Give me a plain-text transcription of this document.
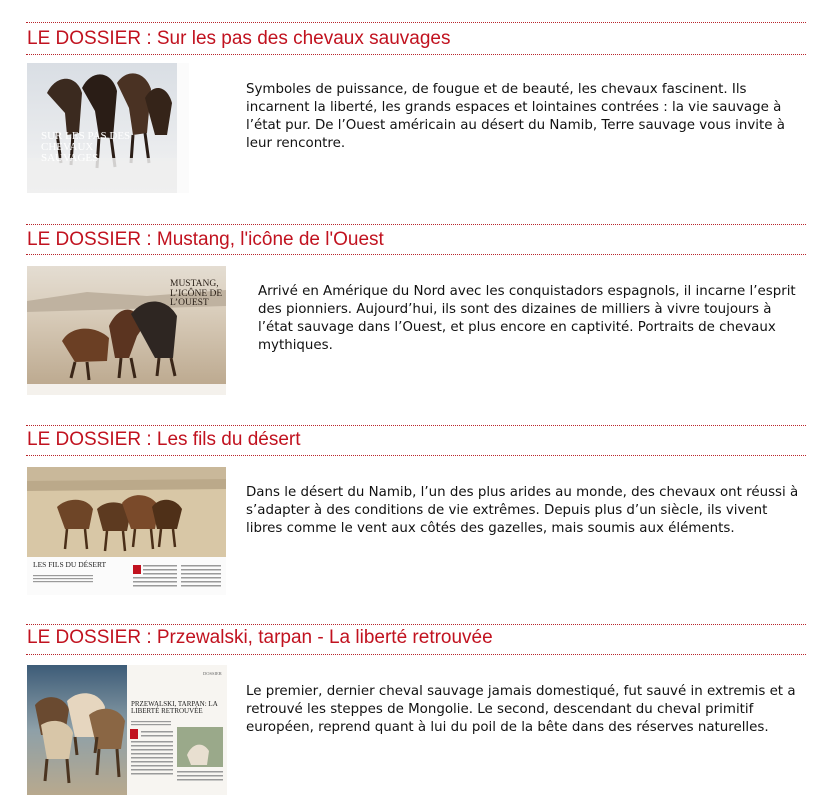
LE DOSSIER : Sur les pas des chevaux sauvages
SUR LES PAS DES CHEVAUX SAUVAGES
Symboles de puissance, de fougue et de beauté, les chevaux fascinent. Ils incarnent la liberté, les grands espaces et lointaines contrées : la vie sauvage à l’état pur. De l’Ouest américain au désert du Namib, Terre sauvage vous invite à leur rencontre.
LE DOSSIER : Mustang, l'icône de l'Ouest
MUSTANG, L’ICÔNE DE L’OUEST
Arrivé en Amérique du Nord avec les conquistadors espagnols, il incarne l’esprit des pionniers. Aujourd’hui, ils sont des dizaines de milliers à vivre toujours à l’état sauvage dans l’Ouest, et plus encore en captivité. Portraits de chevaux mythiques.
LE DOSSIER : Les fils du désert
LES FILS DU DÉSERT
Dans le désert du Namib, l’un des plus arides au monde, des chevaux ont réussi à s’adapter à des conditions de vie extrêmes. Depuis plus d’un siècle, ils vivent libres comme le vent aux côtés des gazelles, mais soumis aux éléments.
LE DOSSIER : Przewalski, tarpan - La liberté retrouvée
DOSSIER
PRZEWALSKI, TARPAN: LA LIBERTÉ RETROUVÉE
Le premier, dernier cheval sauvage jamais domestiqué, fut sauvé in extremis et a retrouvé les steppes de Mongolie. Le second, descendant du cheval primitif européen, reprend quant à lui du poil de la bête dans des réserves naturelles.
